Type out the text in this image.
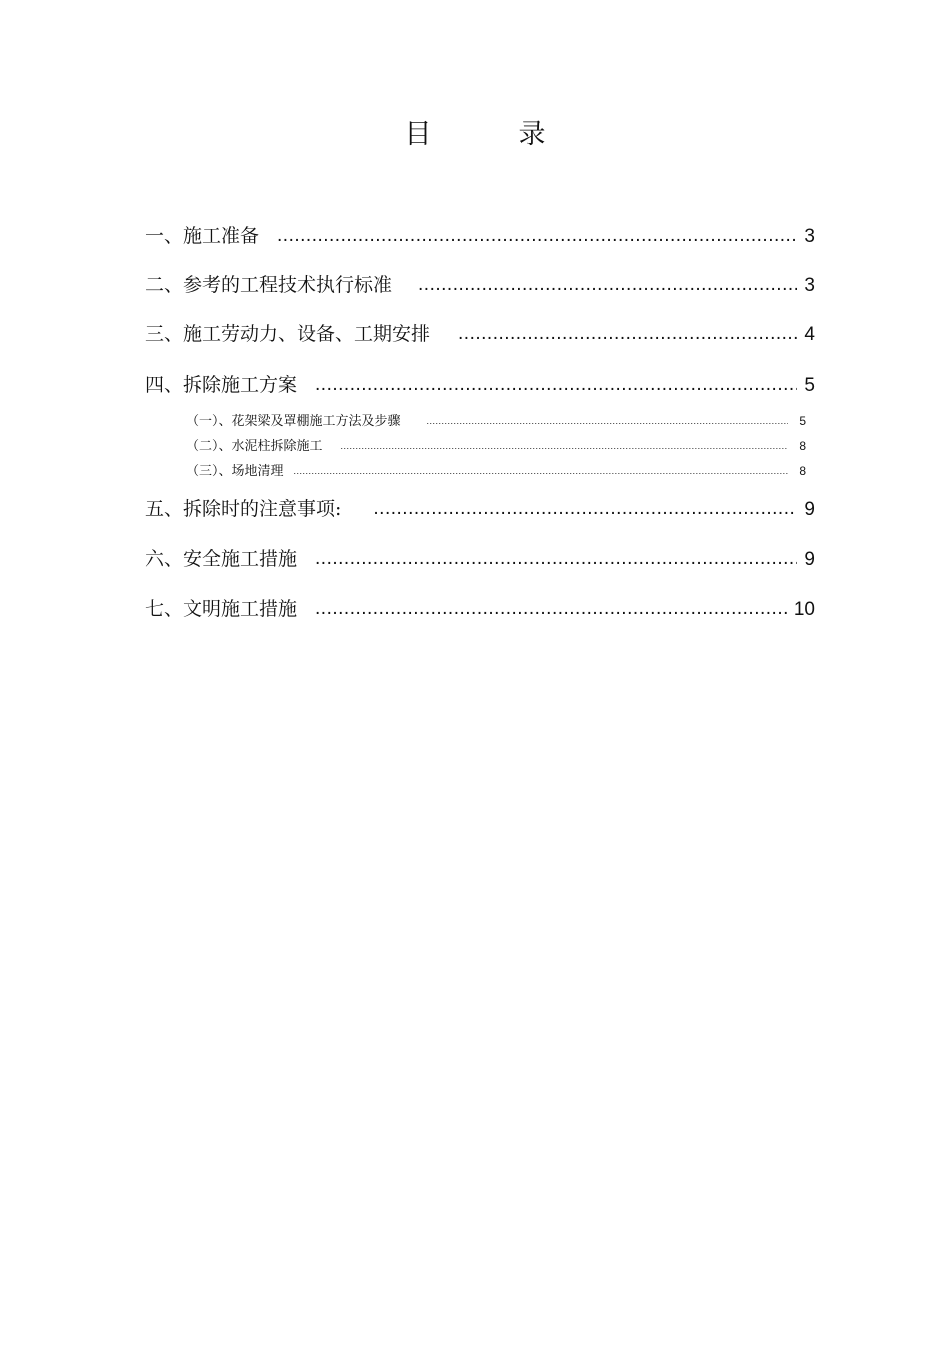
目　录
一、施工准备 .....	3
二、参考的工程技术执行标准 .....	3
三、施工劳动力、设备、工期安排 .....	4
四、拆除施工方案 .....	5
（一）、花架梁及罩棚施工方法及步骤 .....	5
（二）、水泥柱拆除施工 .....	8
（三）、场地清理 .....	8
五、拆除时的注意事项: .....	9
六、安全施工措施 .....	9
七、文明施工措施 .....	10
